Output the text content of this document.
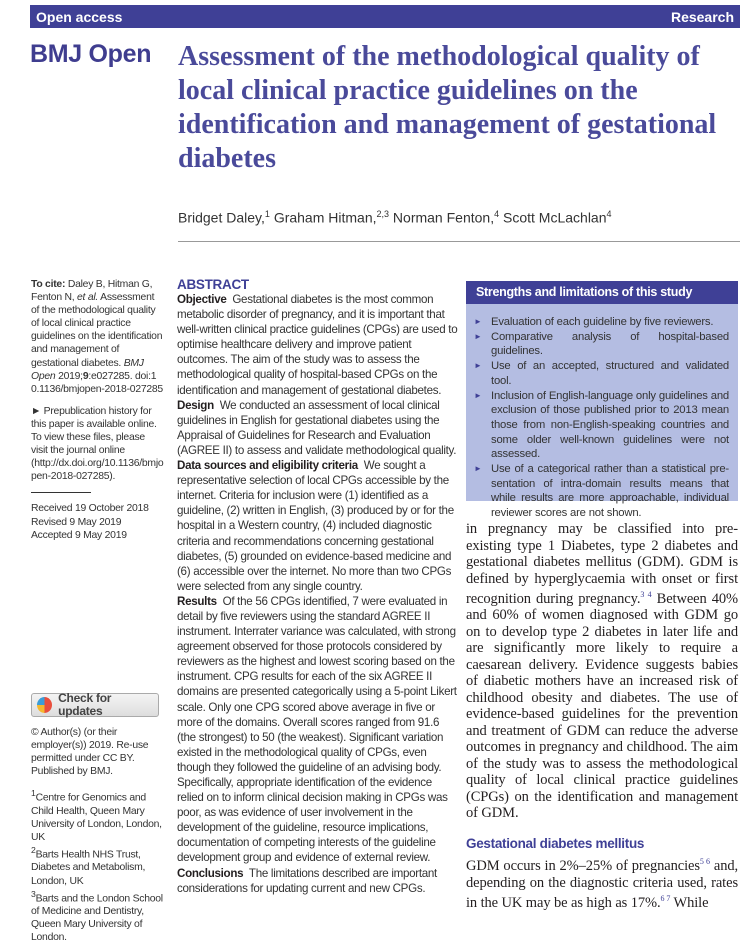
Open access	Research
BMJ Open Assessment of the methodological quality of local clinical practice guidelines on the identification and management of gestational diabetes
Bridget Daley,$^1$ Graham Hitman,$^{2,3}$ Norman Fenton,$^4$ Scott McLachlan$^4$

To cite: Daley B, Hitman G, Fenton N, et al. Assessment of the methodological quality of local clinical practice guidelines on the identification and management of gestational diabetes. BMJ Open 2019;9:e027285. doi:10.1136/bmjopen-2018-027285

► Prepublication history for this paper is available online. To view these files, please visit the journal online (http://dx.doi.org/10.1136/bmjopen-2018-027285).

Received 19 October 2018
Revised 9 May 2019
Accepted 9 May 2019

Check for updates

© Author(s) (or their employer(s)) 2019. Re-use permitted under CC BY. Published by BMJ.

$^1$Centre for Genomics and Child Health, Queen Mary University of London, London, UK
$^2$Barts Health NHS Trust, Diabetes and Metabolism, London, UK
$^3$Barts and the London School of Medicine and Dentistry, Queen Mary University of London.
ABSTRACT

Objective Gestational diabetes is the most common metabolic disorder of pregnancy, and it is important that well-written clinical practice guidelines (CPGs) are used to optimise healthcare delivery and improve patient outcomes. The aim of the study was to assess the methodological quality of hospital-based CPGs on the identification and management of gestational diabetes.

Design We conducted an assessment of local clinical guidelines in English for gestational diabetes using the Appraisal of Guidelines for Research and Evaluation (AGREE II) to assess and validate methodological quality.

Data sources and eligibility criteria We sought a representative selection of local CPGs accessible by the internet. Criteria for inclusion were (1) identified as a guideline, (2) written in English, (3) produced by or for the hospital in a Western country, (4) included diagnostic criteria and recommendations concerning gestational diabetes, (5) grounded on evidence-based medicine and (6) accessible over the internet. No more than two CPGs were selected from any single country.

Results Of the 56 CPGs identified, 7 were evaluated in detail by five reviewers using the standard AGREE II instrument. Interrater variance was calculated, with strong agreement observed for those protocols considered by reviewers as the highest and lowest scoring based on the instrument. CPG results for each of the six AGREE II domains are presented categorically using a 5-point Likert scale. Only one CPG scored above average in five or more of the domains. Overall scores ranged from 91.6 (the strongest) to 50 (the weakest). Significant variation existed in the methodological quality of CPGs, even though they followed the guideline of an advising body. Specifically, appropriate identification of the evidence relied on to inform clinical decision making in CPGs was poor, as was evidence of user involvement in the development of the guideline, resource implications, documentation of competing interests of the guideline development group and evidence of external review.

Conclusions The limitations described are important considerations for updating current and new CPGs.

Strengths and limitations of this study
► Evaluation of each guideline by five reviewers.
► Comparative analysis of hospital-based guidelines.
► Use of an accepted, structured and validated tool.
► Inclusion of English-language only guidelines and exclusion of those published prior to 2013 mean those from non-English-speaking countries and some older well-known guidelines were not assessed.
► Use of a categorical rather than a statistical pre-sentation of intra-domain results means that while results are more approachable, individual reviewer scores are not shown.

in pregnancy may be classified into pre-existing type 1 Diabetes, type 2 diabetes and gestational diabetes mellitus (GDM). GDM is defined by hyperglycaemia with onset or first recognition during pregnancy.$^{3 4}$ Between 40% and 60% of women diagnosed with GDM go on to develop type 2 diabetes in later life and are significantly more likely to require a caesarean delivery. Evidence suggests babies of diabetic mothers have an increased risk of childhood obesity and diabetes. The use of evidence-based guidelines for the prevention and treatment of GDM can reduce the adverse outcomes in pregnancy and childhood. The aim of the study was to assess the methodological quality of local clinical practice guidelines (CPGs) on the identification and management of GDM.

Gestational diabetes mellitus

GDM occurs in 2%–25% of pregnancies$^{5 6}$ and, depending on the diagnostic criteria used, rates in the UK may be as high as 17%.$^{6 7}$ While
